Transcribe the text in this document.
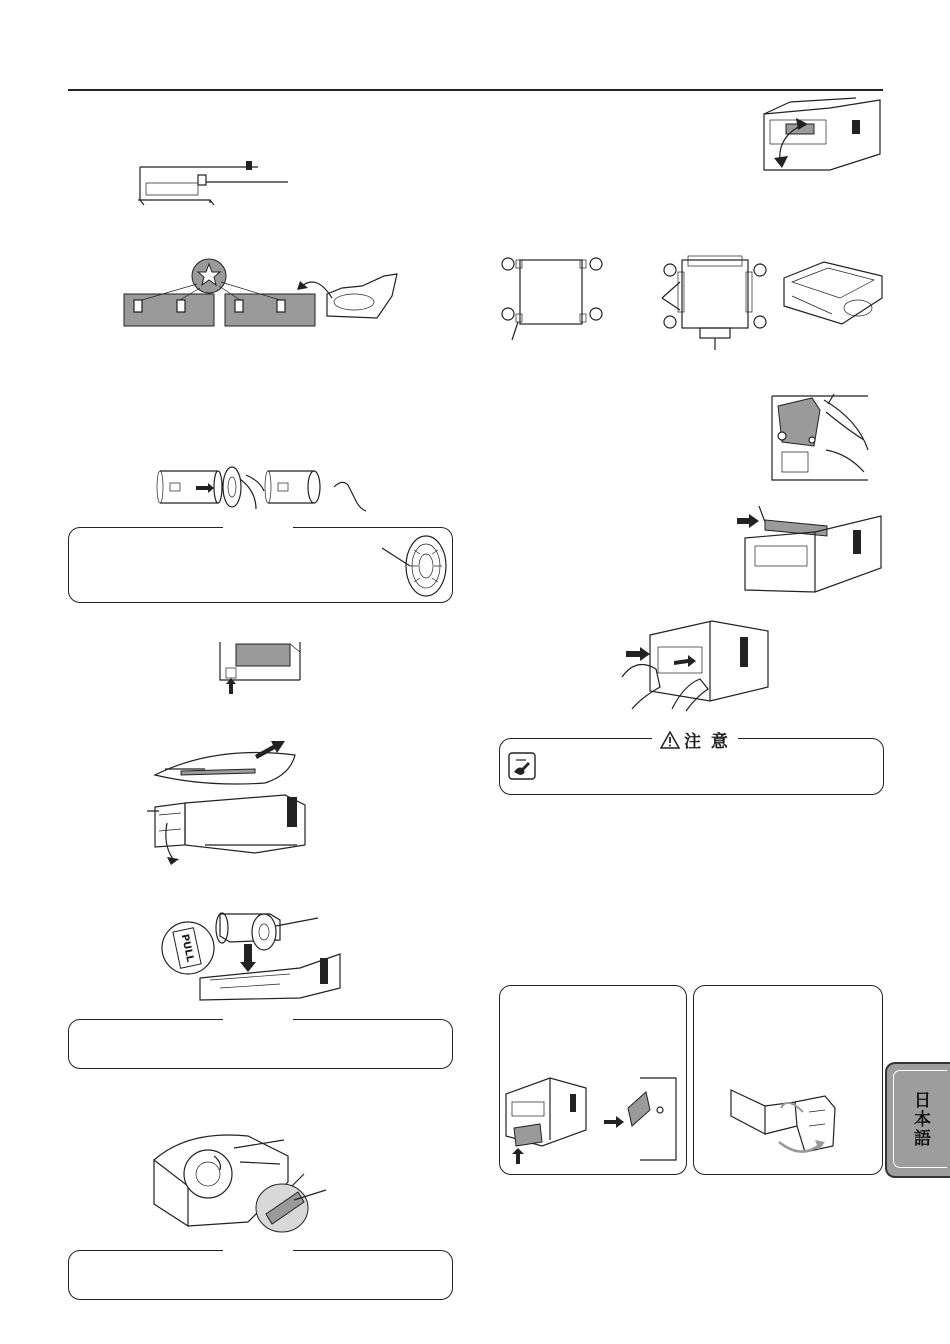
PULL
注 意
日本語
